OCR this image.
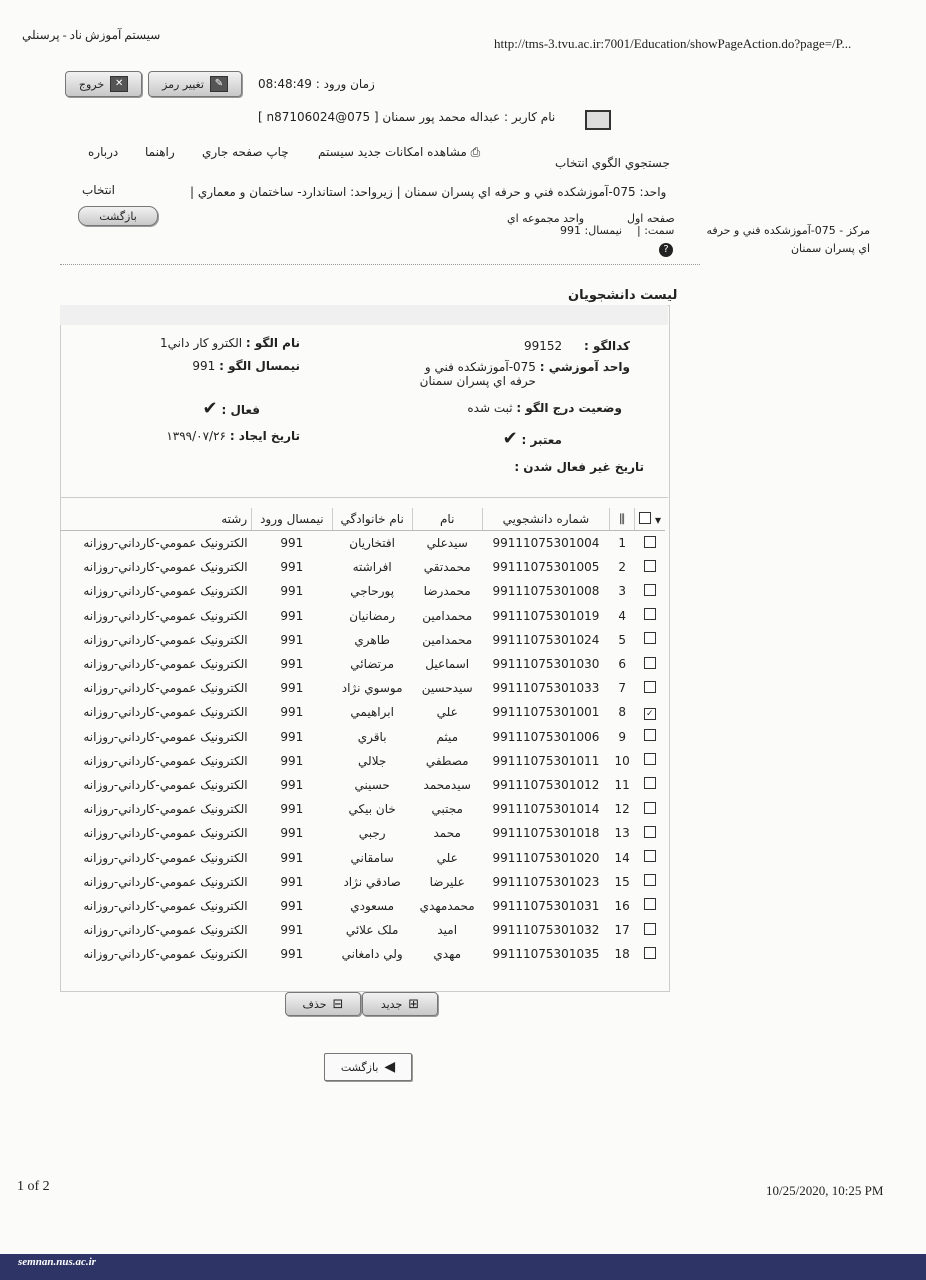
سيستم آموزش ناد - پرسنلي
http://tms-3.tvu.ac.ir:7001/Education/showPageAction.do?page=/P...
خروج	✕	تغيير رمز	✎	زمان ورود : 08:48:49
نام کاربر : عبداله محمد پور سمنان [ n87106024@075 ]
درباره راهنما چاپ صفحه جاري	⎙ مشاهده امکانات جديد سيستم
جستجوي الگوي انتخاب
واحد: 075-آموزشکده فني و حرفه اي پسران سمنان | زيرواحد: استاندارد- ساختمان و معماري |
انتخاب
بازگشت	صفحه اول
واحد مجموعه اي
سمت: |
نيمسال: 991
?
مرکز - 075-آموزشکده فني و حرفه اي پسران سمنان
ليست دانشجويان
کدالگو : 99152
نام الگو : الکترو کار داني1
واحد آموزشي : 075-آموزشکده فني و حرفه اي پسران سمنان
نيمسال الگو : 991
وضعيت درج الگو : ثبت شده
فعال : ✔
معتبر : ✔
تاريخ ايجاد : ۱۳۹۹/۰۷/۲۶
تاريخ غير فعال شدن :
▾	⫼	شماره دانشجويي	نام	نام خانوادگي	نيمسال ورود	رشته
	1	99111075301004	سيدعلي	افتخاريان	991	الکترونيک عمومي-کارداني-روزانه
	2	99111075301005	محمدتقي	افراشته	991	الکترونيک عمومي-کارداني-روزانه
	3	99111075301008	محمدرضا	پورحاجي	991	الکترونيک عمومي-کارداني-روزانه
	4	99111075301019	محمدامين	رمضانيان	991	الکترونيک عمومي-کارداني-روزانه
	5	99111075301024	محمدامين	طاهري	991	الکترونيک عمومي-کارداني-روزانه
	6	99111075301030	اسماعيل	مرتضائي	991	الکترونيک عمومي-کارداني-روزانه
	7	99111075301033	سيدحسين	موسوي نژاد	991	الکترونيک عمومي-کارداني-روزانه
✓	8	99111075301001	علي	ابراهيمي	991	الکترونيک عمومي-کارداني-روزانه
	9	99111075301006	ميثم	باقري	991	الکترونيک عمومي-کارداني-روزانه
	10	99111075301011	مصطفي	جلالي	991	الکترونيک عمومي-کارداني-روزانه
	11	99111075301012	سيدمحمد	حسيني	991	الکترونيک عمومي-کارداني-روزانه
	12	99111075301014	مجتبي	خان بيکي	991	الکترونيک عمومي-کارداني-روزانه
	13	99111075301018	محمد	رجبي	991	الکترونيک عمومي-کارداني-روزانه
	14	99111075301020	علي	سامقاني	991	الکترونيک عمومي-کارداني-روزانه
	15	99111075301023	عليرضا	صادقي نژاد	991	الکترونيک عمومي-کارداني-روزانه
	16	99111075301031	محمدمهدي	مسعودي	991	الکترونيک عمومي-کارداني-روزانه
	17	99111075301032	اميد	ملک علائي	991	الکترونيک عمومي-کارداني-روزانه
	18	99111075301035	مهدي	ولي دامغاني	991	الکترونيک عمومي-کارداني-روزانه
جديد ⊞
حذف ⊟
بازگشت ◀
1 of 2	10/25/2020, 10:25 PM
semnan.nus.ac.ir
